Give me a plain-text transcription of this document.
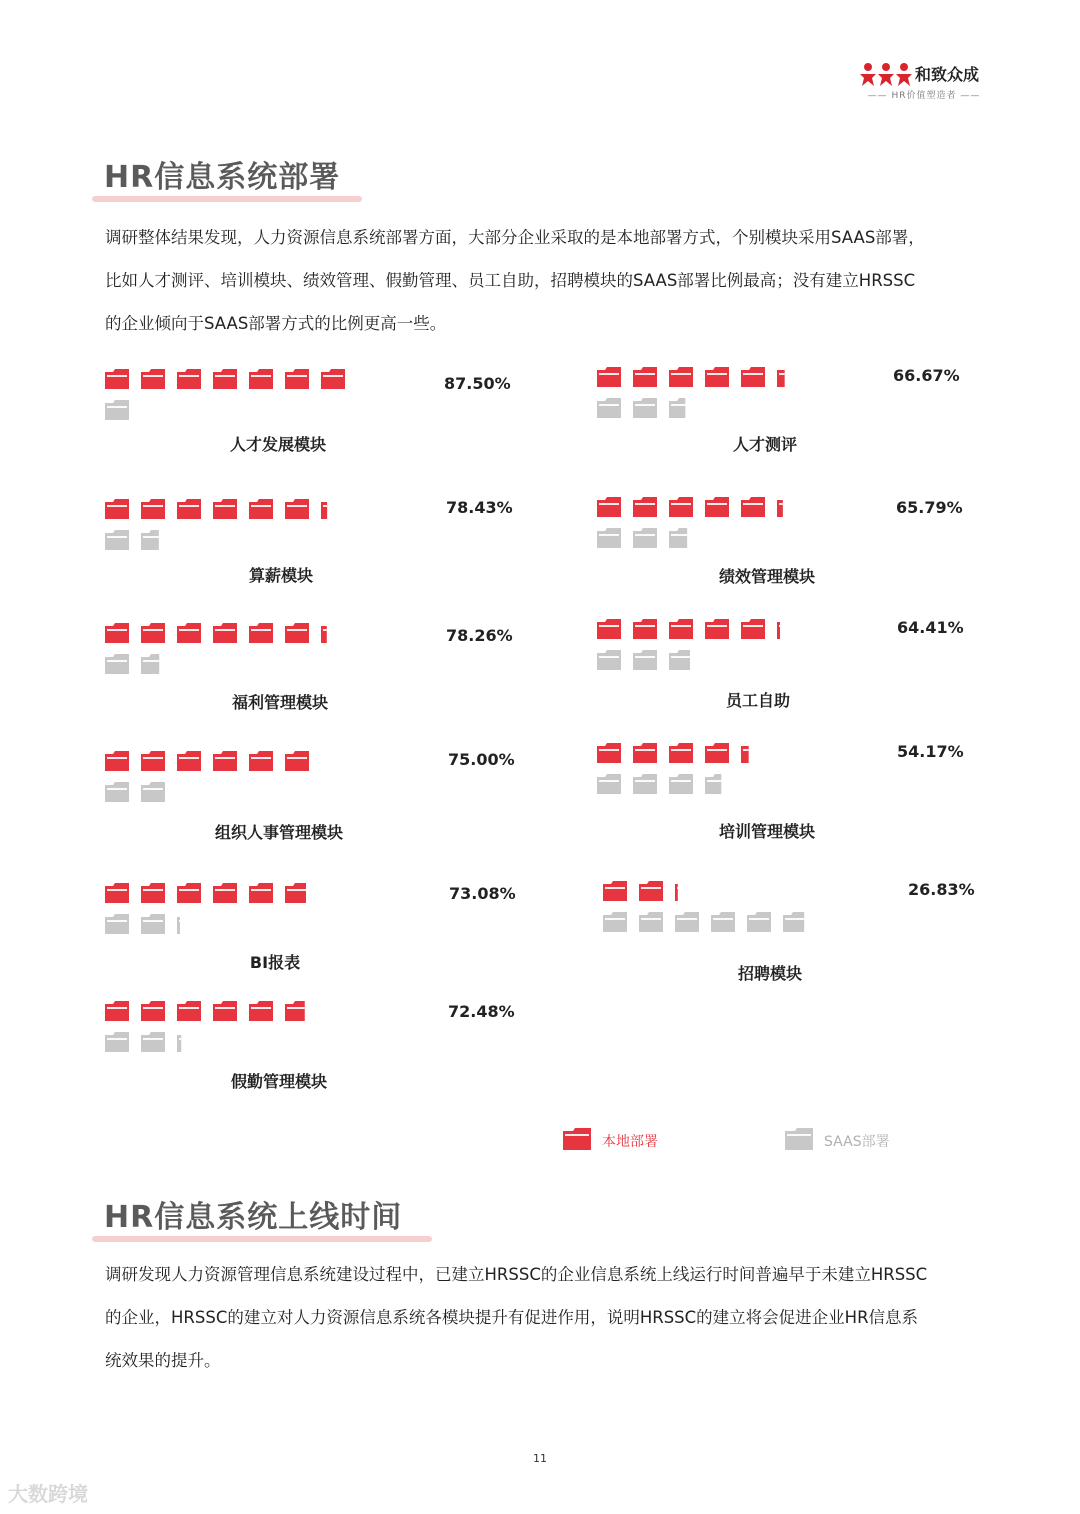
和致众成
—— HR价值塑造者 ——
HR信息系统部署
调研整体结果发现，人力资源信息系统部署方面，大部分企业采取的是本地部署方式，个别模块采用SAAS部署，
比如人才测评、培训模块、绩效管理、假勤管理、员工自助，招聘模块的SAAS部署比例最高；没有建立HRSSC
的企业倾向于SAAS部署方式的比例更高一些。
87.50%
人才发展模块
78.43%
算薪模块
78.26%
福利管理模块
75.00%
组织人事管理模块
73.08%
BI报表
72.48%
假勤管理模块
66.67%
人才测评
65.79%
绩效管理模块
64.41%
员工自助
54.17%
培训管理模块
26.83%
招聘模块
本地部署	SAAS部署
HR信息系统上线时间
调研发现人力资源管理信息系统建设过程中，已建立HRSSC的企业信息系统上线运行时间普遍早于未建立HRSSC
的企业，HRSSC的建立对人力资源信息系统各模块提升有促进作用，说明HRSSC的建立将会促进企业HR信息系
统效果的提升。
11
大数跨境
